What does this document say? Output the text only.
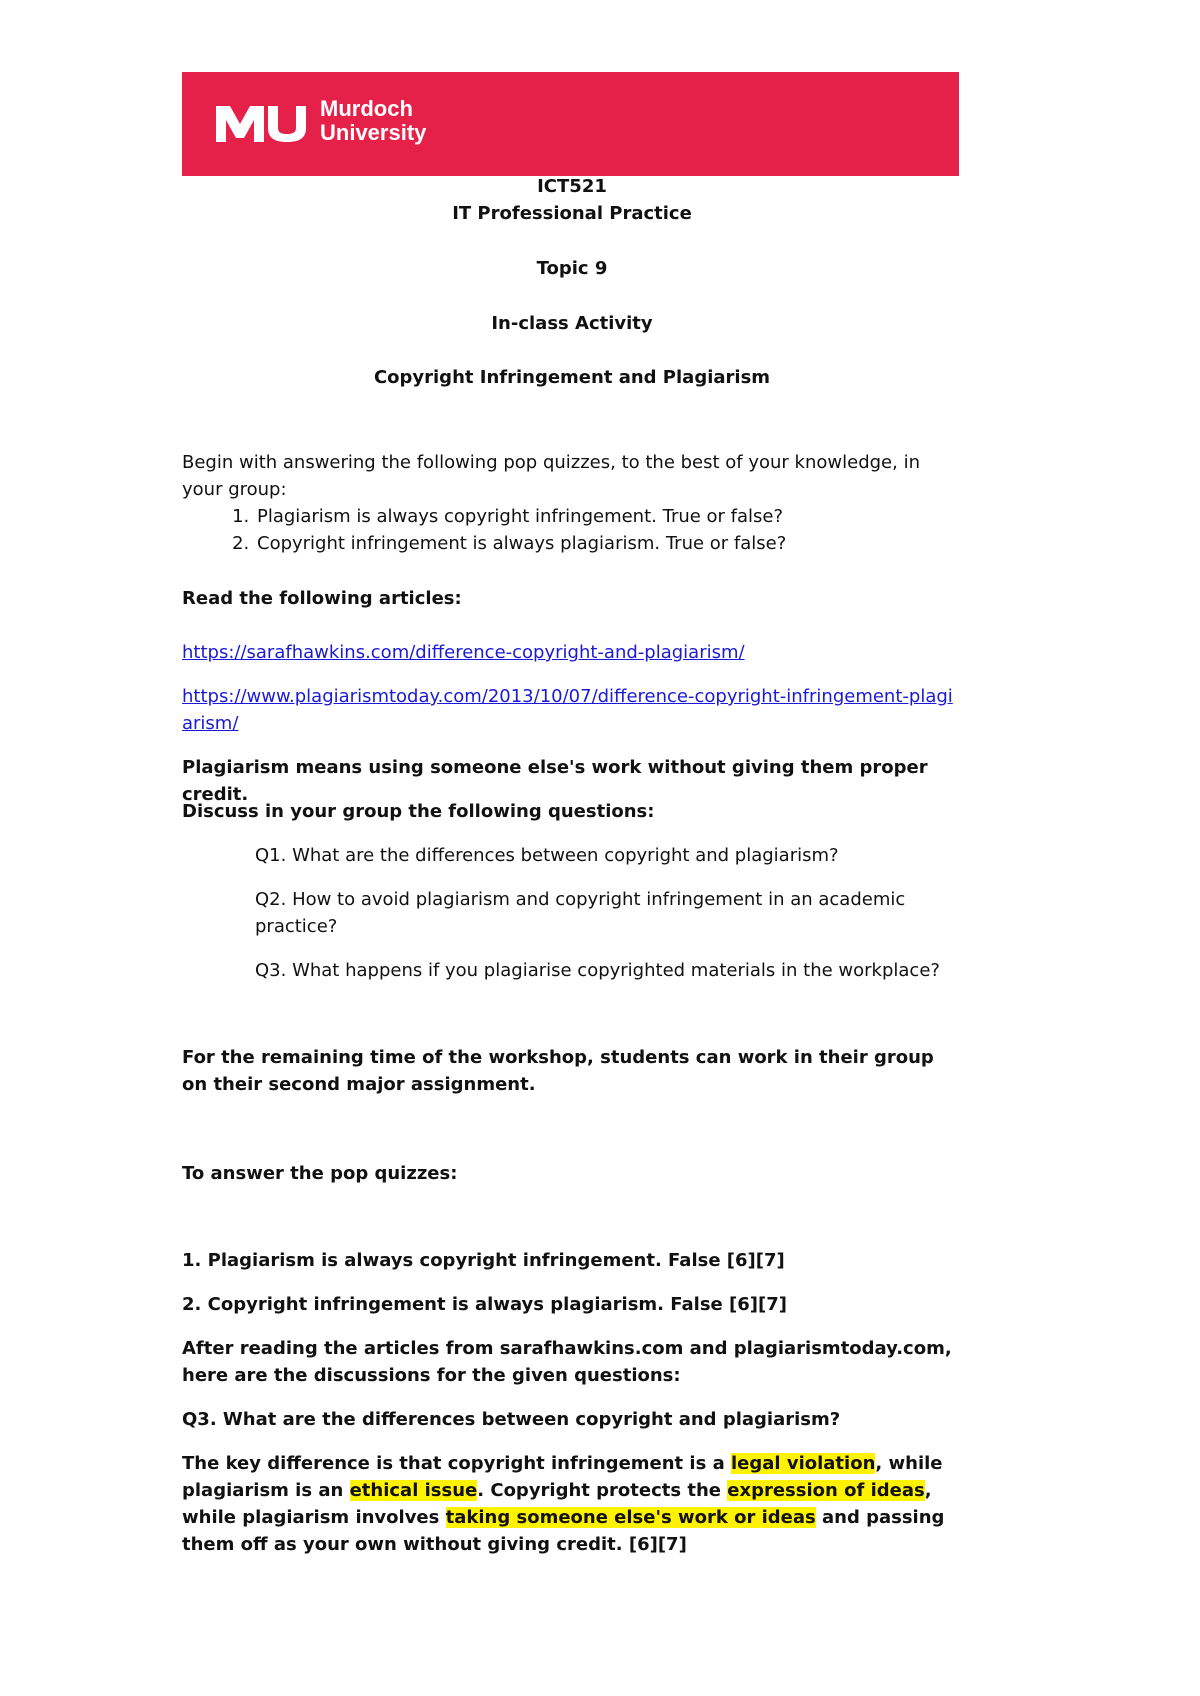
Murdoch
University
ICT521
IT Professional Practice
Topic 9
In-class Activity
Copyright Infringement and Plagiarism
Begin with answering the following pop quizzes, to the best of your knowledge, in your group:
1. Plagiarism is always copyright infringement. True or false?
2. Copyright infringement is always plagiarism. True or false?
Read the following articles:
https://sarafhawkins.com/difference-copyright-and-plagiarism/
https://www.plagiarismtoday.com/2013/10/07/difference-copyright-infringement-plagiarism/
Plagiarism means using someone else's work without giving them proper credit.
Discuss in your group the following questions:
Q1. What are the differences between copyright and plagiarism?
Q2. How to avoid plagiarism and copyright infringement in an academic practice?
Q3. What happens if you plagiarise copyrighted materials in the workplace?
For the remaining time of the workshop, students can work in their group on their second major assignment.
To answer the pop quizzes:
1. Plagiarism is always copyright infringement. False [6][7]
2. Copyright infringement is always plagiarism. False [6][7]
After reading the articles from sarafhawkins.com and plagiarismtoday.com, here are the discussions for the given questions:
Q3. What are the differences between copyright and plagiarism?
The key difference is that copyright infringement is a legal violation, while plagiarism is an ethical issue. Copyright protects the expression of ideas, while plagiarism involves taking someone else's work or ideas and passing them off as your own without giving credit. [6][7]
